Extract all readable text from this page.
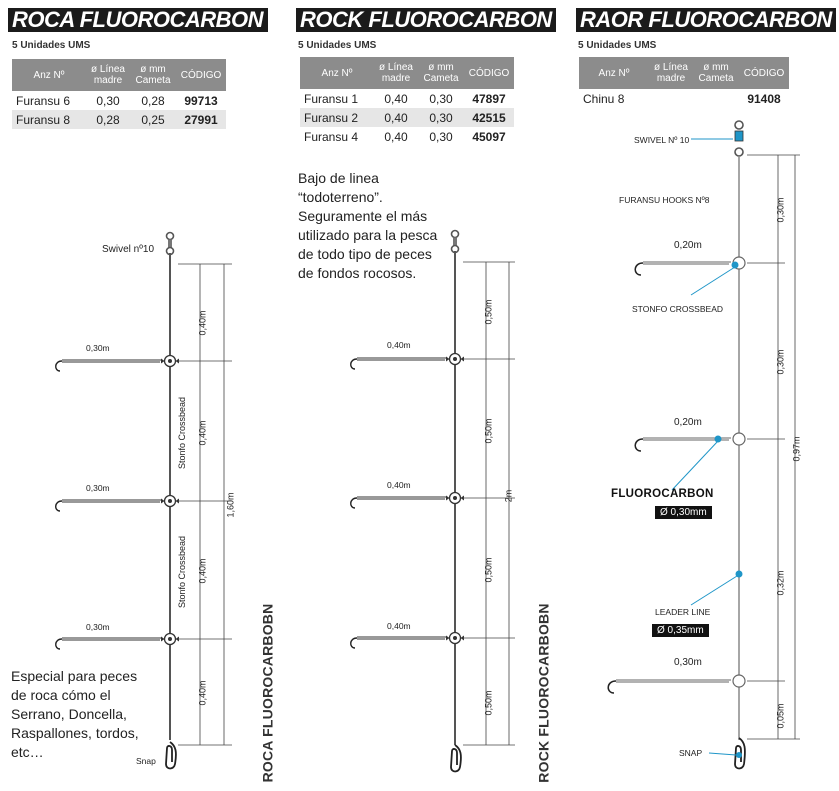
ROCA FLUOROCARBON ROCK FLUOROCARBON RAOR FLUOROCARBON
5 Unidades UMS	5 Unidades UMS	5 Unidades UMS
Anz Nº	ø Línea madre	ø mm Cameta	CÓDIGO
Furansu 6	0,30	0,28	99713
Furansu 8	0,28	0,25	27991
Anz Nº	ø Línea madre	ø mm Cameta	CÓDIGO
Furansu 1	0,40	0,30	47897
Furansu 2	0,40	0,30	42515
Furansu 4	0,40	0,30	45097
Anz Nº	ø Línea madre	ø mm Cameta	CÓDIGO
Chinu 8			91408
Swivel nº10
0,30m
0,30m
0,30m
0,40m
0,40m
0,40m
0,40m
Stonfo Crossbead
Stonfo Crossbead
1,60m
Snap
Especial para peces de roca cómo el Serrano, Doncella, Raspallones, tordos, etc…	ROCA FLUOROCARBOBN
Bajo de linea “todoterreno”. Seguramente el más utilizado para la pesca de todo tipo de peces de fondos rocosos.
0,40m
0,40m
0,40m
0,50m
0,50m
0,50m
0,50m
2m
ROCK FLUOROCARBOBN
SWIVEL Nº 10
FURANSU HOOKS Nº8
0,20m
STONFO CROSSBEAD
0,20m
FLUOROCARBON
Ø 0,30mm
LEADER LINE
Ø 0,35mm
0,30m
SNAP
0,30m
0,30m
0,32m
0,05m
0,97m
